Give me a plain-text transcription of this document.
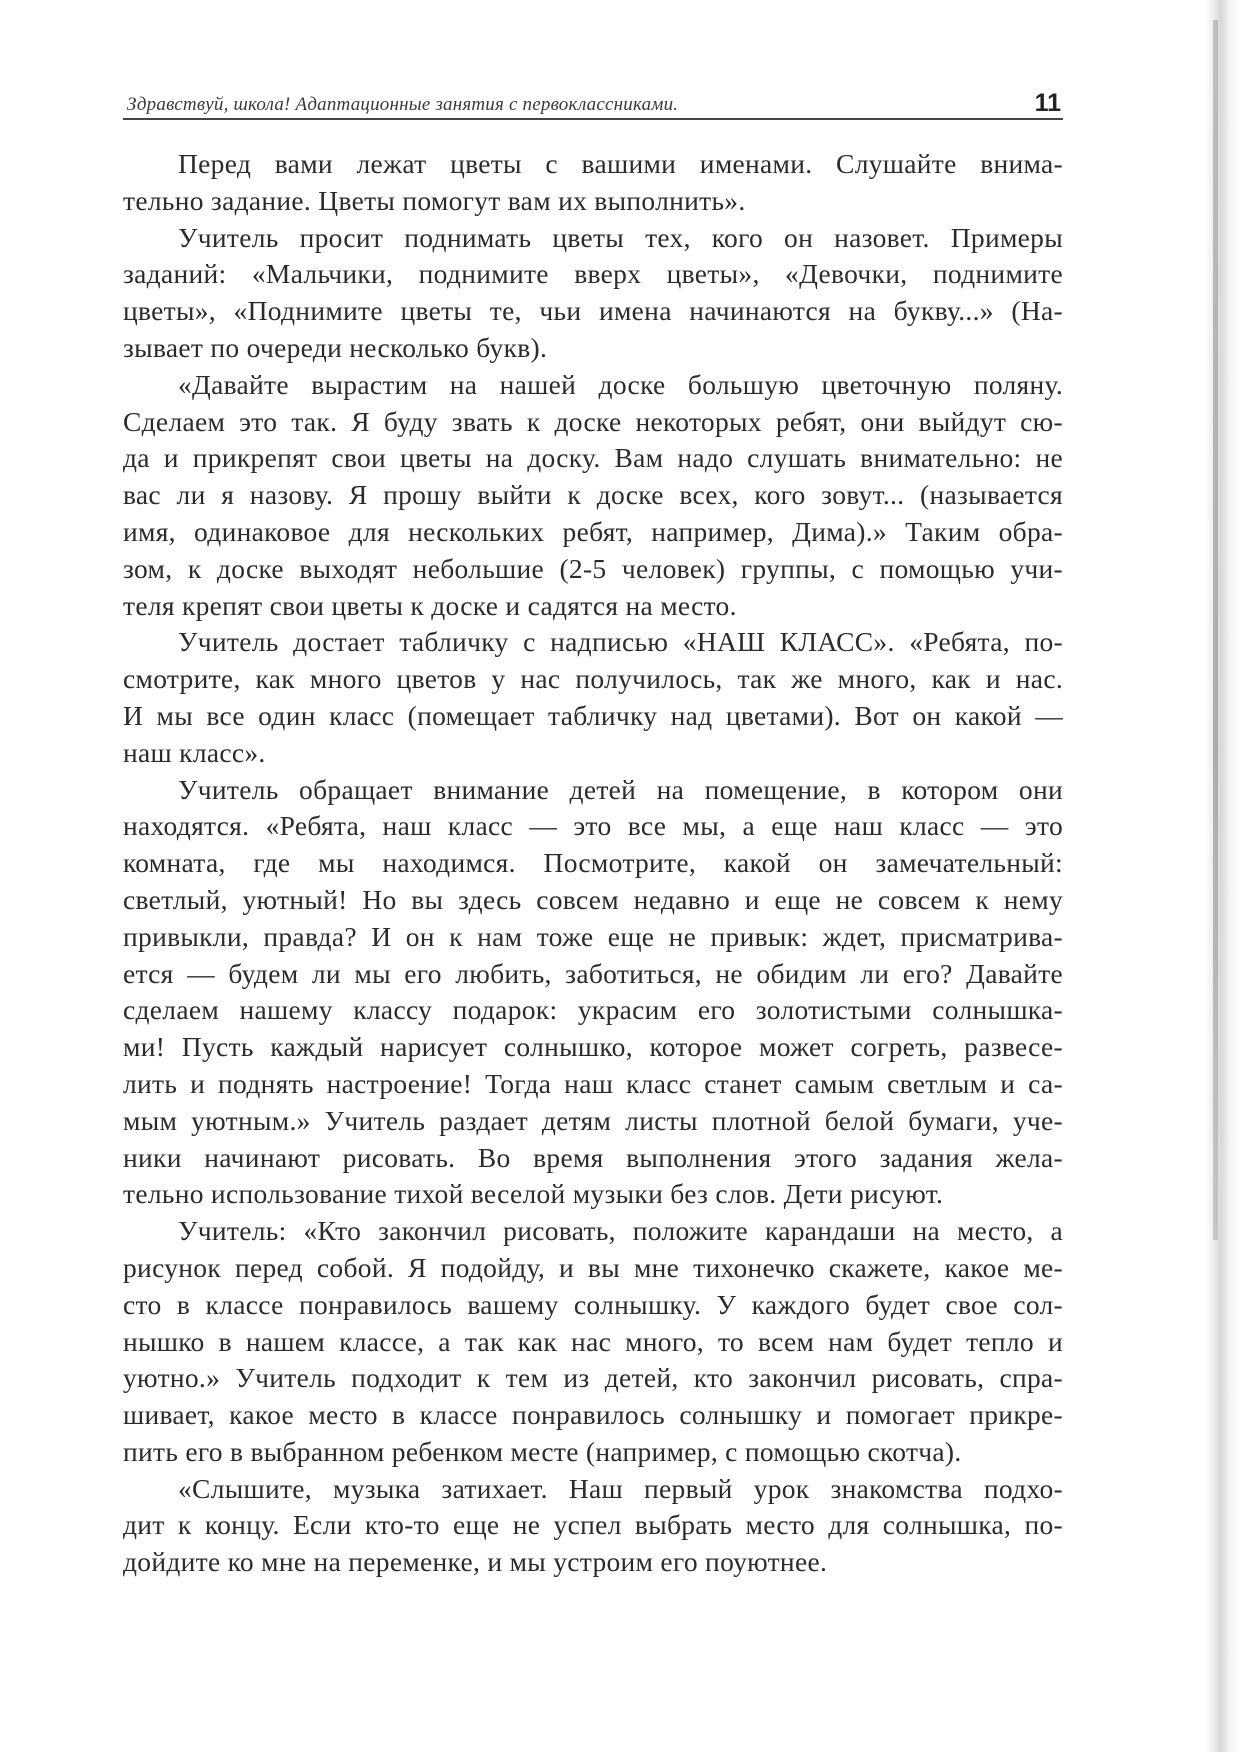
Здравствуй, школа! Адаптационные занятия с первоклассниками.	11
Перед вами лежат цветы с вашими именами. Слушайте внима-
тельно задание. Цветы помогут вам их выполнить».
Учитель просит поднимать цветы тех, кого он назовет. Примеры
заданий: «Мальчики, поднимите вверх цветы», «Девочки, поднимите
цветы», «Поднимите цветы те, чьи имена начинаются на букву...» (На-
зывает по очереди несколько букв).
«Давайте вырастим на нашей доске большую цветочную поляну.
Сделаем это так. Я буду звать к доске некоторых ребят, они выйдут сю-
да и прикрепят свои цветы на доску. Вам надо слушать внимательно: не
вас ли я назову. Я прошу выйти к доске всех, кого зовут... (называется
имя, одинаковое для нескольких ребят, например, Дима).» Таким обра-
зом, к доске выходят небольшие (2-5 человек) группы, с помощью учи-
теля крепят свои цветы к доске и садятся на место.
Учитель достает табличку с надписью «НАШ КЛАСС». «Ребята, по-
смотрите, как много цветов у нас получилось, так же много, как и нас.
И мы все один класс (помещает табличку над цветами). Вот он какой —
наш класс».
Учитель обращает внимание детей на помещение, в котором они
находятся. «Ребята, наш класс — это все мы, а еще наш класс — это
комната, где мы находимся. Посмотрите, какой он замечательный:
светлый, уютный! Но вы здесь совсем недавно и еще не совсем к нему
привыкли, правда? И он к нам тоже еще не привык: ждет, присматрива-
ется — будем ли мы его любить, заботиться, не обидим ли его? Давайте
сделаем нашему классу подарок: украсим его золотистыми солнышка-
ми! Пусть каждый нарисует солнышко, которое может согреть, развесе-
лить и поднять настроение! Тогда наш класс станет самым светлым и са-
мым уютным.» Учитель раздает детям листы плотной белой бумаги, уче-
ники начинают рисовать. Во время выполнения этого задания жела-
тельно использование тихой веселой музыки без слов. Дети рисуют.
Учитель: «Кто закончил рисовать, положите карандаши на место, а
рисунок перед собой. Я подойду, и вы мне тихонечко скажете, какое ме-
сто в классе понравилось вашему солнышку. У каждого будет свое сол-
нышко в нашем классе, а так как нас много, то всем нам будет тепло и
уютно.» Учитель подходит к тем из детей, кто закончил рисовать, спра-
шивает, какое место в классе понравилось солнышку и помогает прикре-
пить его в выбранном ребенком месте (например, с помощью скотча).
«Слышите, музыка затихает. Наш первый урок знакомства подхо-
дит к концу. Если кто-то еще не успел выбрать место для солнышка, по-
дойдите ко мне на переменке, и мы устроим его поуютнее.
